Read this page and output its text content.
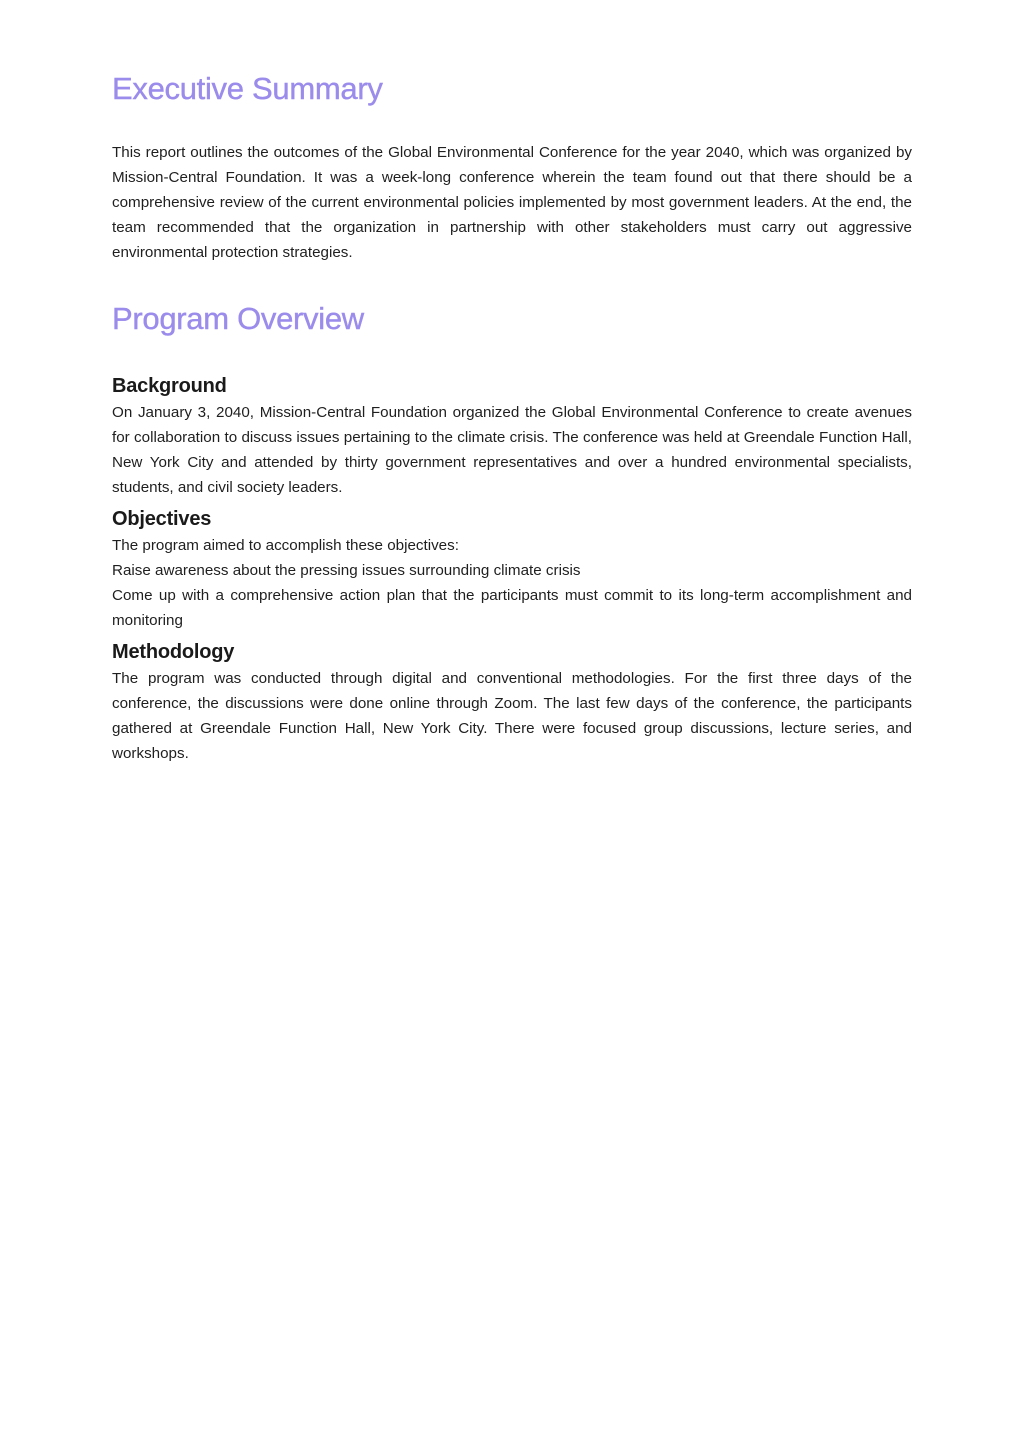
Executive Summary

This report outlines the outcomes of the Global Environmental Conference for the year 2040, which was organized by Mission-Central Foundation. It was a week-long conference wherein the team found out that there should be a comprehensive review of the current environmental policies implemented by most government leaders. At the end, the team recommended that the organization in partnership with other stakeholders must carry out aggressive environmental protection strategies.

Program Overview
Background

On January 3, 2040, Mission-Central Foundation organized the Global Environmental Conference to create avenues for collaboration to discuss issues pertaining to the climate crisis. The conference was held at Greendale Function Hall, New York City and attended by thirty government representatives and over a hundred environmental specialists, students, and civil society leaders.

Objectives

The program aimed to accomplish these objectives:

Raise awareness about the pressing issues surrounding climate crisis

Come up with a comprehensive action plan that the participants must commit to its long-term accomplishment and monitoring

Methodology

The program was conducted through digital and conventional methodologies. For the first three days of the conference, the discussions were done online through Zoom. The last few days of the conference, the participants gathered at Greendale Function Hall, New York City. There were focused group discussions, lecture series, and workshops.
